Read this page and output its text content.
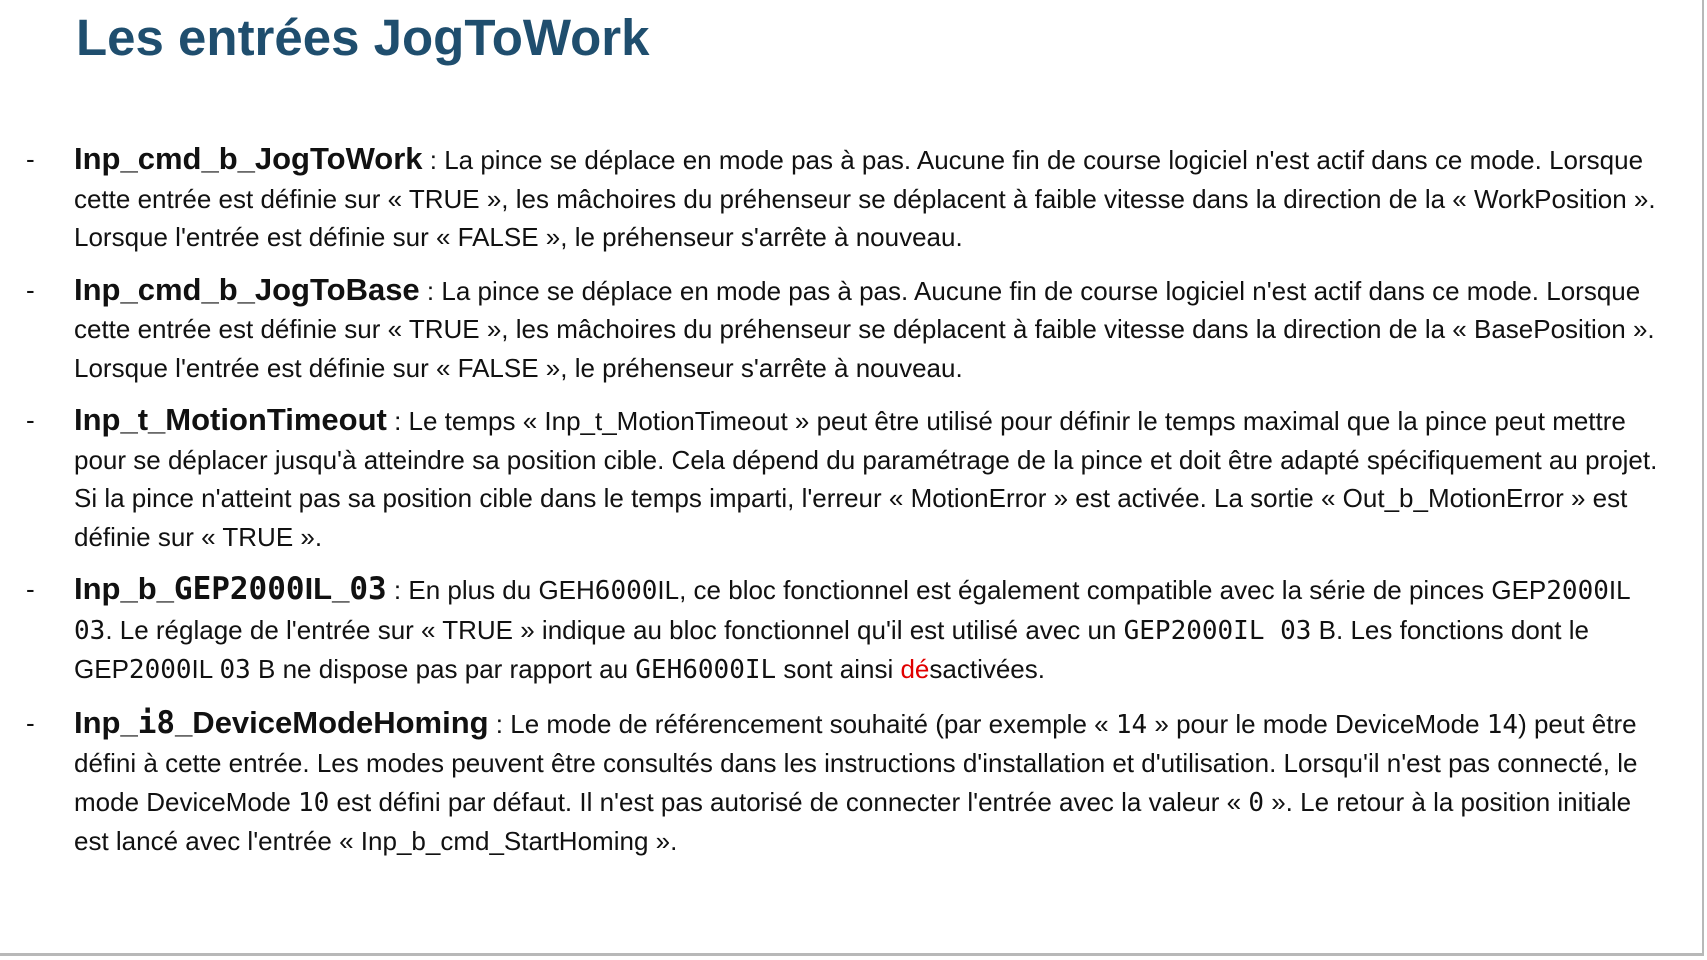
Les entrées JogToWork
- Inp_cmd_b_JogToWork : La pince se déplace en mode pas à pas. Aucune fin de course logiciel n'est actif dans ce mode. Lorsque cette entrée est définie sur « TRUE », les mâchoires du préhenseur se déplacent à faible vitesse dans la direction de la « WorkPosition ». Lorsque l'entrée est définie sur « FALSE », le préhenseur s'arrête à nouveau.
- Inp_cmd_b_JogToBase : La pince se déplace en mode pas à pas. Aucune fin de course logiciel n'est actif dans ce mode. Lorsque cette entrée est définie sur « TRUE », les mâchoires du préhenseur se déplacent à faible vitesse dans la direction de la « BasePosition ». Lorsque l'entrée est définie sur « FALSE », le préhenseur s'arrête à nouveau.
- Inp_t_MotionTimeout : Le temps « Inp_t_MotionTimeout » peut être utilisé pour définir le temps maximal que la pince peut mettre pour se déplacer jusqu'à atteindre sa position cible. Cela dépend du paramétrage de la pince et doit être adapté spécifiquement au projet. Si la pince n'atteint pas sa position cible dans le temps imparti, l'erreur « MotionError » est activée. La sortie « Out_b_MotionError » est définie sur « TRUE ».
- Inp_b_GEP2000IL_03 : En plus du GEH6000IL, ce bloc fonctionnel est également compatible avec la série de pinces GEP2000IL 03. Le réglage de l'entrée sur « TRUE » indique au bloc fonctionnel qu'il est utilisé avec un GEP2000IL 03 B. Les fonctions dont le GEP2000IL 03 B ne dispose pas par rapport au GEH6000IL sont ainsi désactivées.
- Inp_i8_DeviceModeHoming : Le mode de référencement souhaité (par exemple « 14 » pour le mode DeviceMode 14) peut être défini à cette entrée. Les modes peuvent être consultés dans les instructions d'installation et d'utilisation. Lorsqu'il n'est pas connecté, le mode DeviceMode 10 est défini par défaut. Il n'est pas autorisé de connecter l'entrée avec la valeur « 0 ». Le retour à la position initiale est lancé avec l'entrée « Inp_b_cmd_StartHoming ».
